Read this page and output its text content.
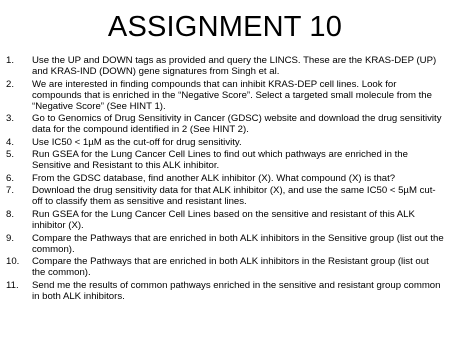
ASSIGNMENT 10
1.	Use the UP and DOWN tags as provided and query the LINCS. These are the KRAS-DEP (UP) and KRAS-IND (DOWN) gene signatures from Singh et al.
2.	We are interested in finding compounds that can inhibit KRAS-DEP cell lines. Look for compounds that is enriched in the “Negative Score”. Select a targeted small molecule from the “Negative Score” (See HINT 1).
3.	Go to Genomics of Drug Sensitivity in Cancer (GDSC) website and download the drug sensitivity data for the compound identified in 2 (See HINT 2).
4.	Use IC50 < 1µM as the cut-off for drug sensitivity.
5.	Run GSEA for the Lung Cancer Cell Lines to find out which pathways are enriched in the Sensitive and Resistant to this ALK inhibitor.
6.	From the GDSC database, find another ALK inhibitor (X). What compound (X) is that?
7.	Download the drug sensitivity data for that ALK inhibitor (X), and use the same IC50 < 5µM cut-off to classify them as sensitive and resistant lines.
8.	Run GSEA for the Lung Cancer Cell Lines based on the sensitive and resistant of this ALK inhibitor (X).
9.	Compare the Pathways that are enriched in both ALK inhibitors in the Sensitive group (list out the common).
10.	Compare the Pathways that are enriched in both ALK inhibitors in the Resistant group (list out the common).
11.	Send me the results of common pathways enriched in the sensitive and resistant group common in both ALK inhibitors.
